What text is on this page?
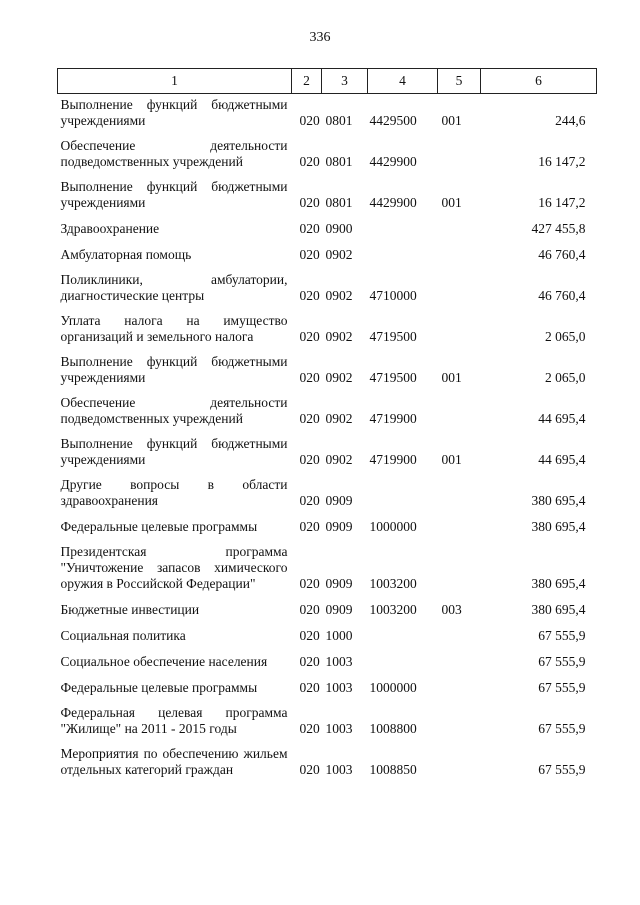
336
1	2	3	4	5	6
Выполнение функций бюджетными учреждениями	020	0801	4429500	001	244,6
Обеспечение деятельности подведомственных учреждений	020	0801	4429900		16 147,2
Выполнение функций бюджетными учреждениями	020	0801	4429900	001	16 147,2
Здравоохранение	020	0900			427 455,8
Амбулаторная помощь	020	0902			46 760,4
Поликлиники, амбулатории, диагностические центры	020	0902	4710000		46 760,4
Уплата налога на имущество организаций и земельного налога	020	0902	4719500		2 065,0
Выполнение функций бюджетными учреждениями	020	0902	4719500	001	2 065,0
Обеспечение деятельности подведомственных учреждений	020	0902	4719900		44 695,4
Выполнение функций бюджетными учреждениями	020	0902	4719900	001	44 695,4
Другие вопросы в области здравоохранения	020	0909			380 695,4
Федеральные целевые программы	020	0909	1000000		380 695,4
Президентская программа "Уничтожение запасов химического оружия в Российской Федерации"	020	0909	1003200		380 695,4
Бюджетные инвестиции	020	0909	1003200	003	380 695,4
Социальная политика	020	1000			67 555,9
Социальное обеспечение населения	020	1003			67 555,9
Федеральные целевые программы	020	1003	1000000		67 555,9
Федеральная целевая программа "Жилище" на 2011 - 2015 годы	020	1003	1008800		67 555,9
Мероприятия по обеспечению жильем отдельных категорий граждан	020	1003	1008850		67 555,9
